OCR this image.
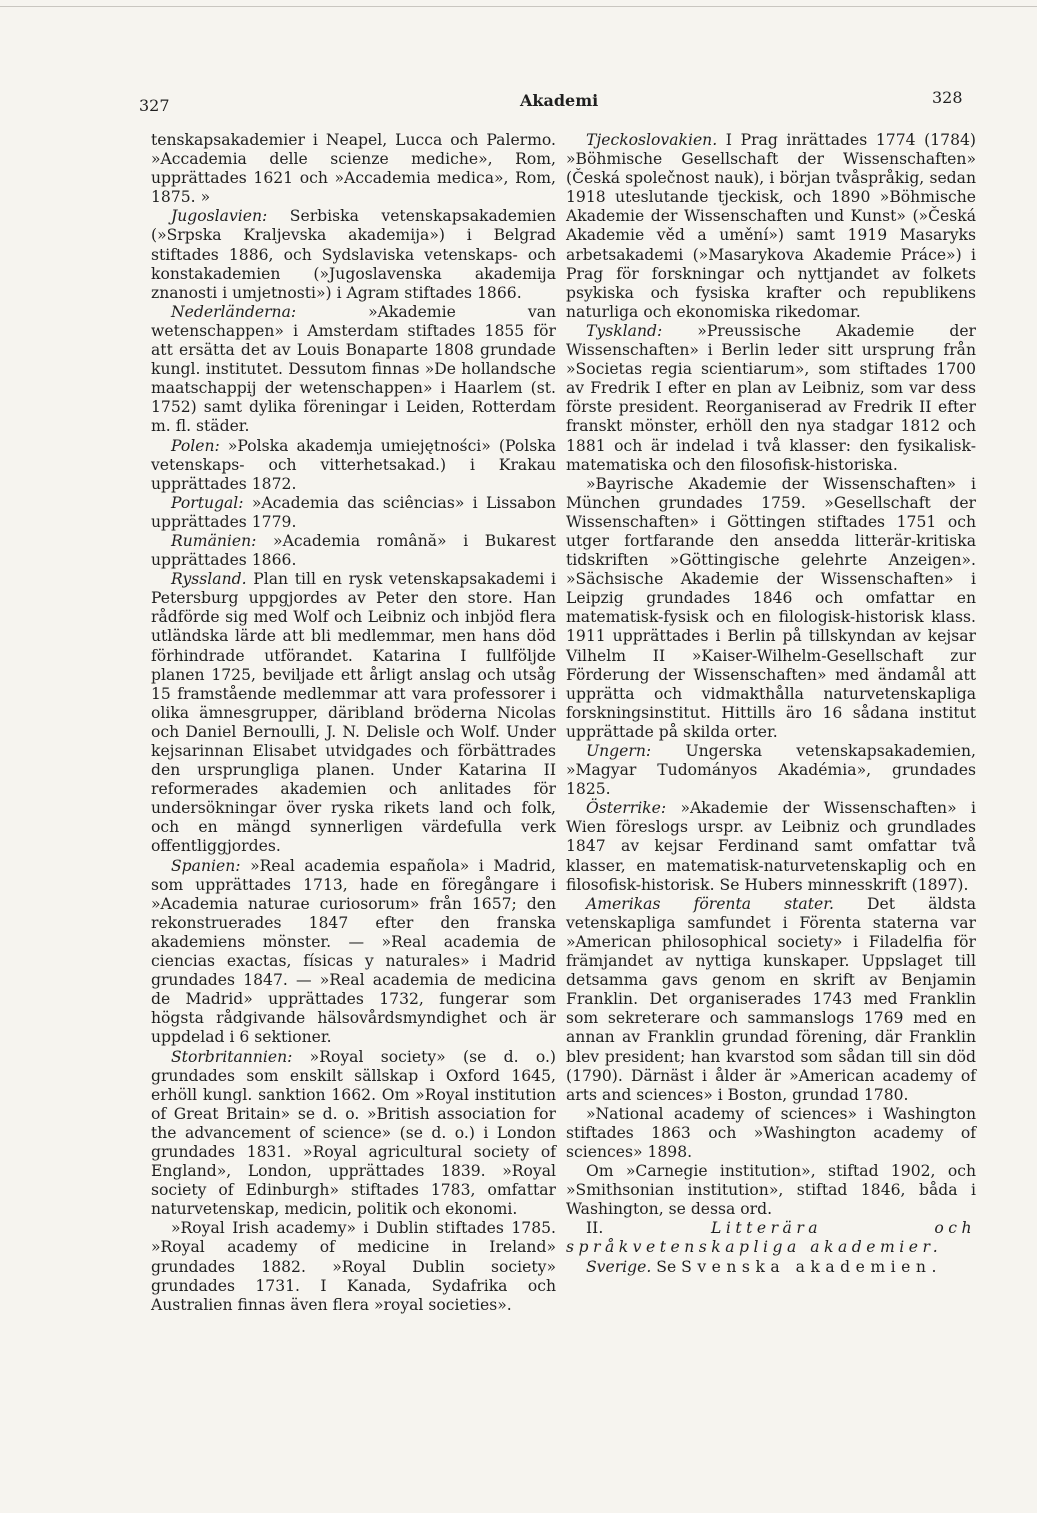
327	Akademi	328

tenskapsakademier i Neapel, Lucca och Palermo. »Accademia delle scienze mediche», Rom, upprättades 1621 och »Accademia medica», Rom, 1875. »

Jugoslavien: Serbiska vetenskapsakademien (»Srpska Kraljevska akademija») i Belgrad stiftades 1886, och Sydslaviska vetenskaps- och konstakademien (»Jugoslavenska akademija znanosti i umjetnosti») i Agram stiftades 1866.

Nederländerna: »Akademie van wetenschappen» i Amsterdam stiftades 1855 för att ersätta det av Louis Bonaparte 1808 grundade kungl. institutet. Dessutom finnas »De hollandsche maatschappij der wetenschappen» i Haarlem (st. 1752) samt dylika föreningar i Leiden, Rotterdam m. fl. städer.

Polen: »Polska akademja umiejętności» (Polska vetenskaps- och vitterhetsakad.) i Krakau upprättades 1872.

Portugal: »Academia das sciências» i Lissabon upprättades 1779.

Rumänien: »Academia română» i Bukarest upprättades 1866.

Ryssland. Plan till en rysk vetenskapsakademi i Petersburg uppgjordes av Peter den store. Han rådförde sig med Wolf och Leibniz och inbjöd flera utländska lärde att bli medlemmar, men hans död förhindrade utförandet. Katarina I fullföljde planen 1725, beviljade ett årligt anslag och utsåg 15 framstående medlemmar att vara professorer i olika ämnesgrupper, däribland bröderna Nicolas och Daniel Bernoulli, J. N. Delisle och Wolf. Under kejsarinnan Elisabet utvidgades och förbättrades den ursprungliga planen. Under Katarina II reformerades akademien och anlitades för undersökningar över ryska rikets land och folk, och en mängd synnerligen värdefulla verk offentliggjordes.

Spanien: »Real academia española» i Madrid, som upprättades 1713, hade en föregångare i »Academia naturae curiosorum» från 1657; den rekonstruerades 1847 efter den franska akademiens mönster. — »Real academia de ciencias exactas, físicas y naturales» i Madrid grundades 1847. — »Real academia de medicina de Madrid» upprättades 1732, fungerar som högsta rådgivande hälsovårdsmyndighet och är uppdelad i 6 sektioner.

Storbritannien: »Royal society» (se d. o.) grundades som enskilt sällskap i Oxford 1645, erhöll kungl. sanktion 1662. Om »Royal institution of Great Britain» se d. o. »British association for the advancement of science» (se d. o.) i London grundades 1831. »Royal agricultural society of England», London, upprättades 1839. »Royal society of Edinburgh» stiftades 1783, omfattar naturvetenskap, medicin, politik och ekonomi.

»Royal Irish academy» i Dublin stiftades 1785. »Royal academy of medicine in Ireland» grundades 1882. »Royal Dublin society» grundades 1731. I Kanada, Sydafrika och Australien finnas även flera »royal societies».

Tjeckoslovakien. I Prag inrättades 1774 (1784) »Böhmische Gesellschaft der Wissenschaften» (Česká společnost nauk), i början tvåspråkig, sedan 1918 uteslutande tjeckisk, och 1890 »Böhmische Akademie der Wissenschaften und Kunst» (»Česká Akademie věd a umění») samt 1919 Masaryks arbetsakademi (»Masarykova Akademie Práce») i Prag för forskningar och nyttjandet av folkets psykiska och fysiska krafter och republikens naturliga och ekonomiska rikedomar.

Tyskland: »Preussische Akademie der Wissenschaften» i Berlin leder sitt ursprung från »Societas regia scientiarum», som stiftades 1700 av Fredrik I efter en plan av Leibniz, som var dess förste president. Reorganiserad av Fredrik II efter franskt mönster, erhöll den nya stadgar 1812 och 1881 och är indelad i två klasser: den fysikalisk-matematiska och den filosofisk-historiska.

»Bayrische Akademie der Wissenschaften» i München grundades 1759. »Gesellschaft der Wissenschaften» i Göttingen stiftades 1751 och utger fortfarande den ansedda litterär-kritiska tidskriften »Göttingische gelehrte Anzeigen». »Sächsische Akademie der Wissenschaften» i Leipzig grundades 1846 och omfattar en matematisk-fysisk och en filologisk-historisk klass. 1911 upprättades i Berlin på tillskyndan av kejsar Vilhelm II »Kaiser-Wilhelm-Gesellschaft zur Förderung der Wissenschaften» med ändamål att upprätta och vidmakthålla naturvetenskapliga forskningsinstitut. Hittills äro 16 sådana institut upprättade på skilda orter.

Ungern: Ungerska vetenskapsakademien, »Magyar Tudományos Akadémia», grundades 1825.

Österrike: »Akademie der Wissenschaften» i Wien föreslogs urspr. av Leibniz och grundlades 1847 av kejsar Ferdinand samt omfattar två klasser, en matematisk-naturvetenskaplig och en filosofisk-historisk. Se Hubers minnesskrift (1897).

Amerikas förenta stater. Det äldsta vetenskapliga samfundet i Förenta staterna var »American philosophical society» i Filadelfia för främjandet av nyttiga kunskaper. Uppslaget till detsamma gavs genom en skrift av Benjamin Franklin. Det organiserades 1743 med Franklin som sekreterare och sammanslogs 1769 med en annan av Franklin grundad förening, där Franklin blev president; han kvarstod som sådan till sin död (1790). Därnäst i ålder är »American academy of arts and sciences» i Boston, grundad 1780.

»National academy of sciences» i Washington stiftades 1863 och »Washington academy of sciences» 1898.

Om »Carnegie institution», stiftad 1902, och »Smithsonian institution», stiftad 1846, båda i Washington, se dessa ord.

II. Litterära och språkvetenskapliga akademier.

Sverige. Se Svenska akademien.
